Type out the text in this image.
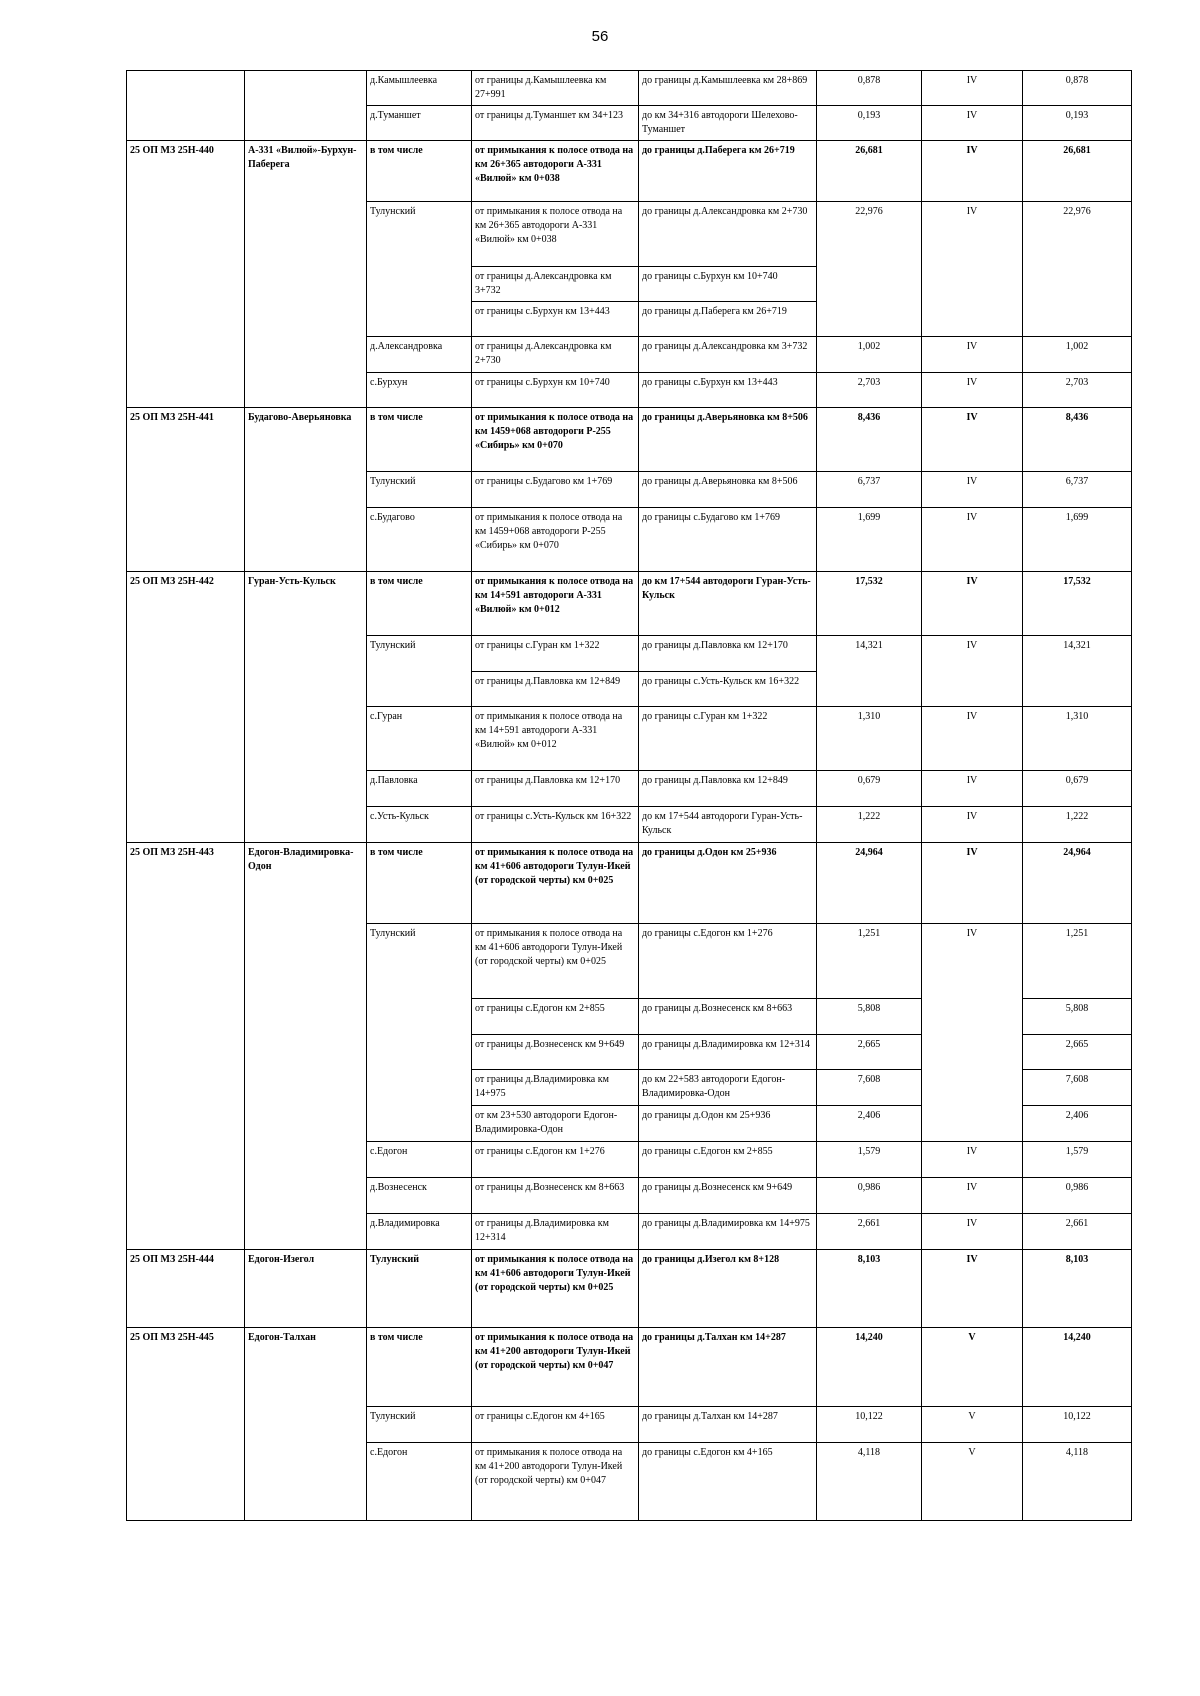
56
		д.Камышлеевка	от границы д.Камышлеевка км 27+991	до границы д.Камышлеевка км 28+869	0,878	IV	0,878
		д.Туманшет	от границы д.Туманшет км 34+123	до км 34+316 автодороги Шелехово-Туманшет	0,193	IV	0,193
25 ОП МЗ 25Н-440	А-331 «Вилюй»-Бурхун-Паберега	в том числе	от примыкания к полосе отвода на км 26+365 автодороги А-331 «Вилюй» км 0+038	до границы д.Паберега км 26+719	26,681	IV	26,681
		Тулунский	от примыкания к полосе отвода на км 26+365 автодороги А-331 «Вилюй» км 0+038	до границы д.Александровка км 2+730	22,976	IV	22,976
			от границы д.Александровка км 3+732	до границы с.Бурхун км 10+740			
			от границы с.Бурхун км 13+443	до границы д.Паберега км 26+719			
		д.Александровка	от границы д.Александровка км 2+730	до границы д.Александровка км 3+732	1,002	IV	1,002
		с.Бурхун	от границы с.Бурхун км 10+740	до границы с.Бурхун км 13+443	2,703	IV	2,703
25 ОП МЗ 25Н-441	Будагово-Аверьяновка	в том числе	от примыкания к полосе отвода на км 1459+068 автодороги Р-255 «Сибирь» км 0+070	до границы д.Аверьяновка км 8+506	8,436	IV	8,436
		Тулунский	от границы с.Будагово км 1+769	до границы д.Аверьяновка км 8+506	6,737	IV	6,737
		с.Будагово	от примыкания к полосе отвода на км 1459+068 автодороги Р-255 «Сибирь» км 0+070	до границы с.Будагово км 1+769	1,699	IV	1,699
25 ОП МЗ 25Н-442	Гуран-Усть-Кульск	в том числе	от примыкания к полосе отвода на км 14+591 автодороги А-331 «Вилюй» км 0+012	до км 17+544 автодороги Гуран-Усть-Кульск	17,532	IV	17,532
		Тулунский	от границы с.Гуран км 1+322	до границы д.Павловка км 12+170	14,321	IV	14,321
			от границы д.Павловка км 12+849	до границы с.Усть-Кульск км 16+322			
		с.Гуран	от примыкания к полосе отвода на км 14+591 автодороги А-331 «Вилюй» км 0+012	до границы с.Гуран км 1+322	1,310	IV	1,310
		д.Павловка	от границы д.Павловка км 12+170	до границы д.Павловка км 12+849	0,679	IV	0,679
		с.Усть-Кульск	от границы с.Усть-Кульск км 16+322	до км 17+544 автодороги Гуран-Усть-Кульск	1,222	IV	1,222
25 ОП МЗ 25Н-443	Едогон-Владимировка-Одон	в том числе	от примыкания к полосе отвода на км 41+606 автодороги Тулун-Икей (от городской черты) км 0+025	до границы д.Одон км 25+936	24,964	IV	24,964
		Тулунский	от примыкания к полосе отвода на км 41+606 автодороги Тулун-Икей (от городской черты) км 0+025	до границы с.Едогон км 1+276	1,251	IV	1,251
			от границы с.Едогон км 2+855	до границы д.Вознесенск км 8+663	5,808		5,808
			от границы д.Вознесенск км 9+649	до границы д.Владимировка км 12+314	2,665		2,665
			от границы д.Владимировка км 14+975	до км 22+583 автодороги Едогон-Владимировка-Одон	7,608		7,608
			от км 23+530 автодороги Едогон-Владимировка-Одон	до границы д.Одон км 25+936	2,406		2,406
		с.Едогон	от границы с.Едогон км 1+276	до границы с.Едогон км 2+855	1,579	IV	1,579
		д.Вознесенск	от границы д.Вознесенск км 8+663	до границы д.Вознесенск км 9+649	0,986	IV	0,986
		д.Владимировка	от границы д.Владимировка км 12+314	до границы д.Владимировка км 14+975	2,661	IV	2,661
25 ОП МЗ 25Н-444	Едогон-Изегол	Тулунский	от примыкания к полосе отвода на км 41+606 автодороги Тулун-Икей (от городской черты) км 0+025	до границы д.Изегол км 8+128	8,103	IV	8,103
25 ОП МЗ 25Н-445	Едогон-Талхан	в том числе	от примыкания к полосе отвода на км 41+200 автодороги Тулун-Икей (от городской черты) км 0+047	до границы д.Талхан км 14+287	14,240	V	14,240
		Тулунский	от границы с.Едогон км 4+165	до границы д.Талхан км 14+287	10,122	V	10,122
		с.Едогон	от примыкания к полосе отвода на км 41+200 автодороги Тулун-Икей (от городской черты) км 0+047	до границы с.Едогон км 4+165	4,118	V	4,118
